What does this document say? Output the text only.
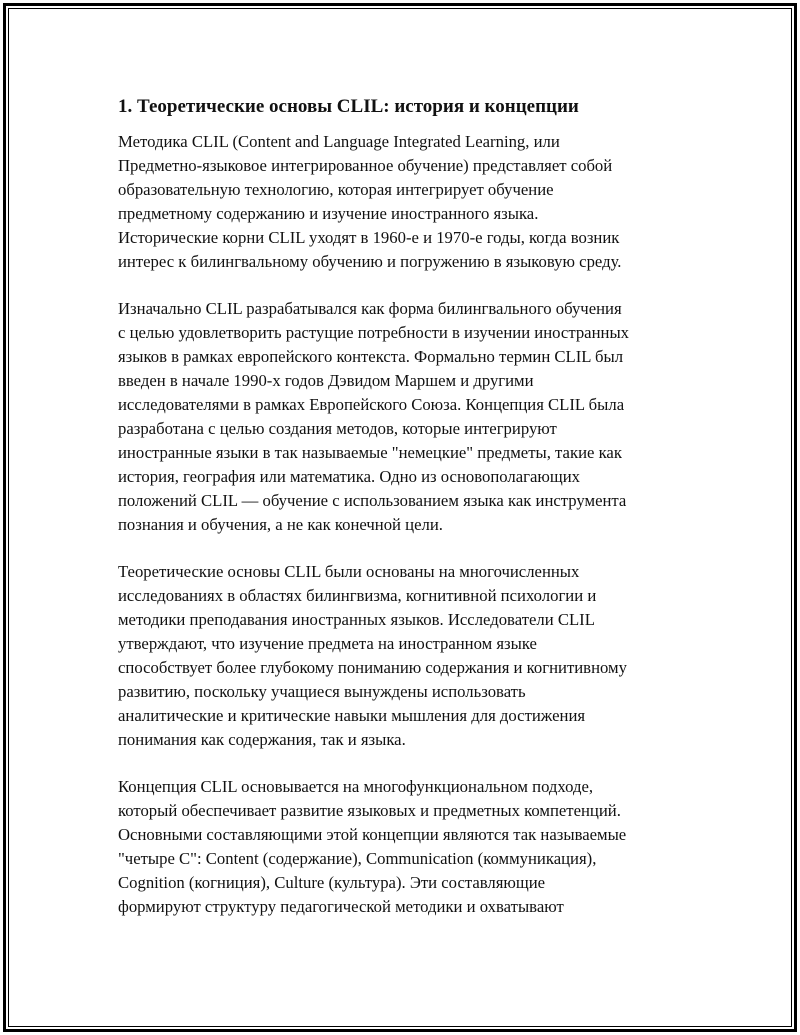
1. Теоретические основы CLIL: история и концепции

Методика CLIL (Content and Language Integrated Learning, или
Предметно-языковое интегрированное обучение) представляет собой
образовательную технологию, которая интегрирует обучение
предметному содержанию и изучение иностранного языка.
Исторические корни CLIL уходят в 1960-е и 1970-е годы, когда возник
интерес к билингвальному обучению и погружению в языковую среду.

Изначально CLIL разрабатывался как форма билингвального обучения
с целью удовлетворить растущие потребности в изучении иностранных
языков в рамках европейского контекста. Формально термин CLIL был
введен в начале 1990-х годов Дэвидом Маршем и другими
исследователями в рамках Европейского Союза. Концепция CLIL была
разработана с целью создания методов, которые интегрируют
иностранные языки в так называемые "немецкие" предметы, такие как
история, география или математика. Одно из основополагающих
положений CLIL — обучение с использованием языка как инструмента
познания и обучения, а не как конечной цели.

Теоретические основы CLIL были основаны на многочисленных
исследованиях в областях билингвизма, когнитивной психологии и
методики преподавания иностранных языков. Исследователи CLIL
утверждают, что изучение предмета на иностранном языке
способствует более глубокому пониманию содержания и когнитивному
развитию, поскольку учащиеся вынуждены использовать
аналитические и критические навыки мышления для достижения
понимания как содержания, так и языка.

Концепция CLIL основывается на многофункциональном подходе,
который обеспечивает развитие языковых и предметных компетенций.
Основными составляющими этой концепции являются так называемые
"четыре C": Content (содержание), Communication (коммуникация),
Cognition (когниция), Culture (культура). Эти составляющие
формируют структуру педагогической методики и охватывают
